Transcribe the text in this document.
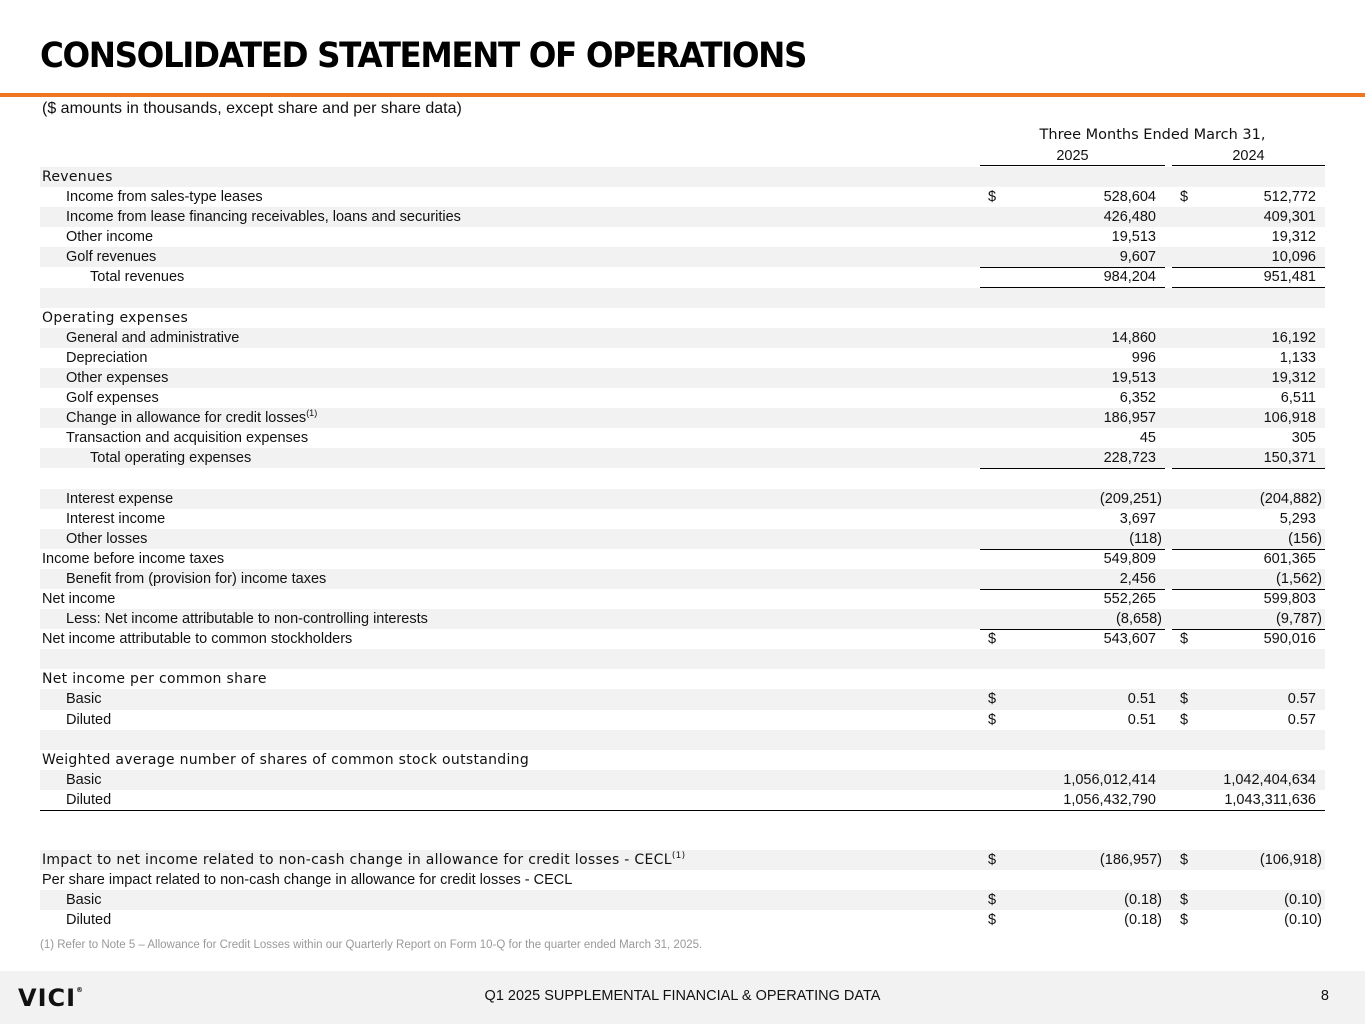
CONSOLIDATED STATEMENT OF OPERATIONS
($ amounts in thousands, except share and per share data)
Three Months Ended March 31,
2025	2024
Revenues
Income from sales-type leases	$	528,604 $	512,772
Income from lease financing receivables, loans and securities	426,480	409,301
Other income	19,513	19,312
Golf revenues	9,607	10,096
Total revenues	984,204	951,481
Operating expenses
General and administrative	14,860	16,192
Depreciation	996	1,133
Other expenses	19,513	19,312
Golf expenses	6,352	6,511
Change in allowance for credit losses$^{(1)}$	186,957	106,918
Transaction and acquisition expenses	45	305
Total operating expenses	228,723	150,371
Interest expense	(209,251)	(204,882)
Interest income	3,697	5,293
Other losses	(118)	(156)
Income before income taxes	549,809	601,365
Benefit from (provision for) income taxes	2,456	(1,562)
Net income	552,265	599,803
Less: Net income attributable to non-controlling interests	(8,658)	(9,787)
Net income attributable to common stockholders	$	543,607 $	590,016
Net income per common share
Basic	$	0.51 $	0.57
Diluted	$	0.51 $	0.57
Weighted average number of shares of common stock outstanding
Basic	1,056,012,414	1,042,404,634
Diluted	1,056,432,790	1,043,311,636
Impact to net income related to non-cash change in allowance for credit losses - CECL$^{(1)}$	$	(186,957) $	(106,918)
Per share impact related to non-cash change in allowance for credit losses - CECL
Basic	$	(0.18) $	(0.10)
Diluted	$	(0.18) $	(0.10)
(1) Refer to Note 5 – Allowance for Credit Losses within our Quarterly Report on Form 10-Q for the quarter ended March 31, 2025.
VICI®	Q1 2025 SUPPLEMENTAL FINANCIAL & OPERATING DATA	8
